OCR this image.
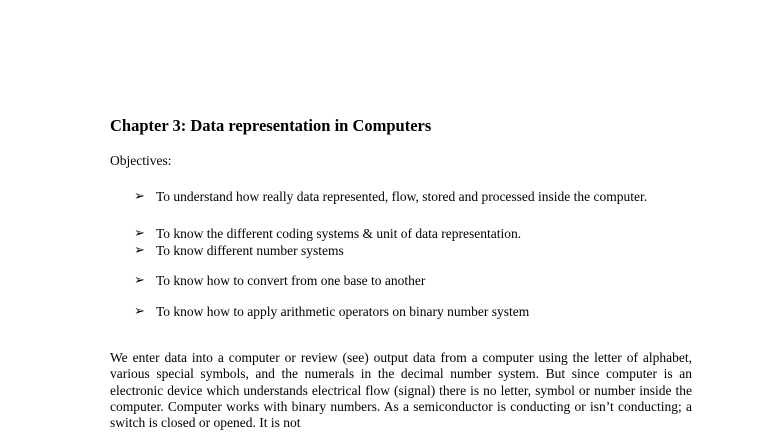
Chapter 3: Data representation in Computers

Objectives:

➢ To understand how really data represented, flow, stored and processed inside the computer.
➢ To know the different coding systems & unit of data representation.
➢ To know different number systems
➢ To know how to convert from one base to another
➢ To know how to apply arithmetic operators on binary number system

We enter data into a computer or review (see) output data from a computer using the letter of alphabet, various special symbols, and the numerals in the decimal number system. But since computer is an electronic device which understands electrical flow (signal) there is no letter, symbol or number inside the computer. Computer works with binary numbers. As a semiconductor is conducting or isn’t conducting; a switch is closed or opened. It is not
